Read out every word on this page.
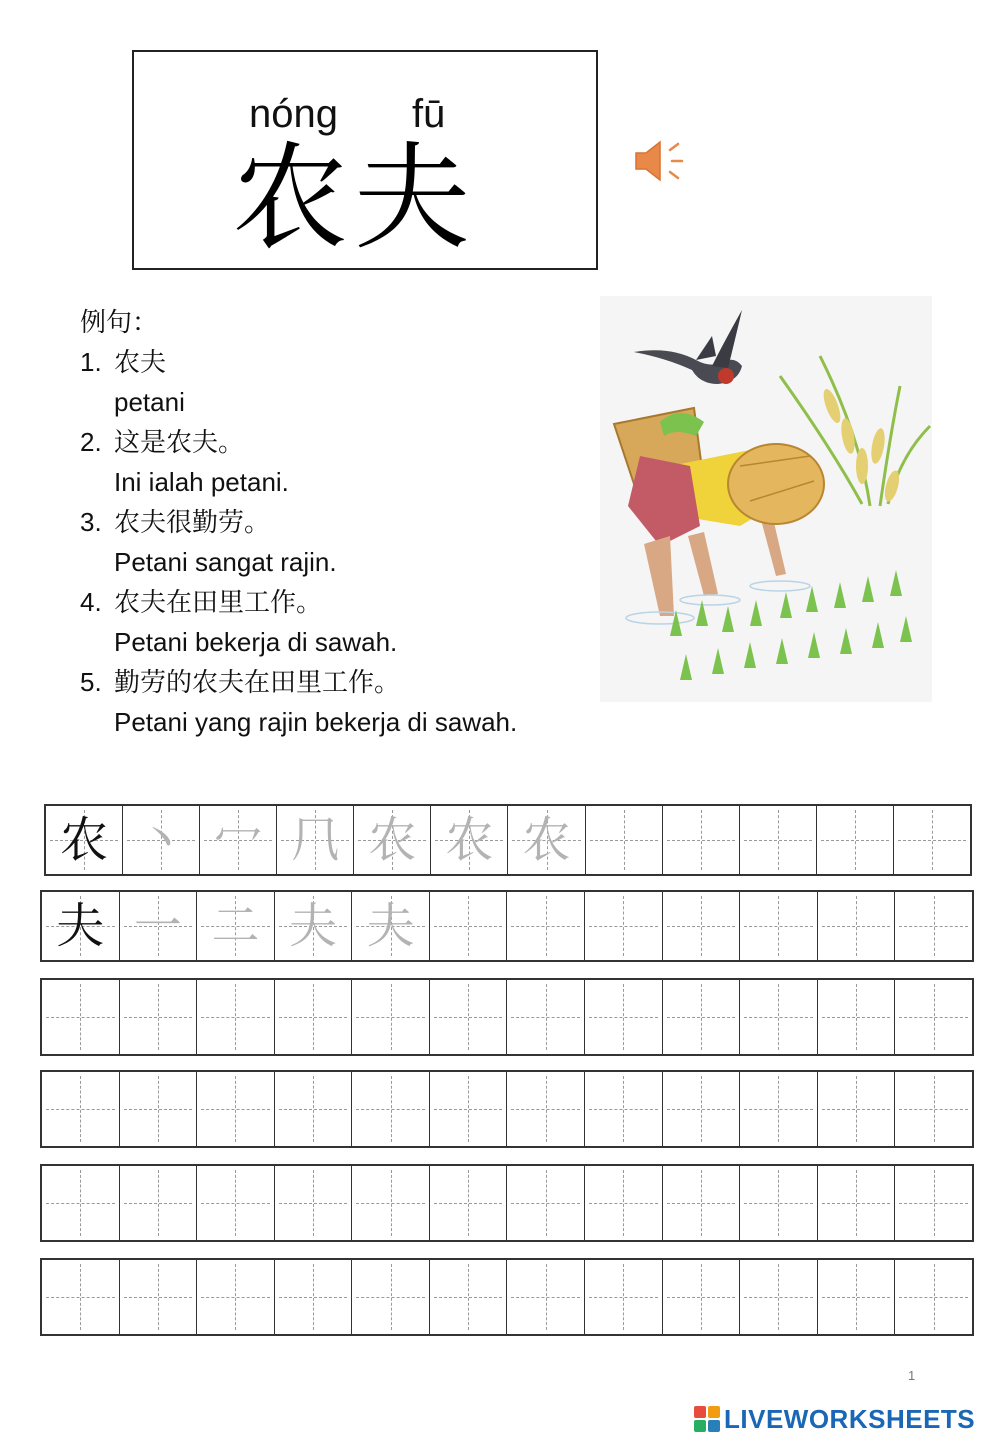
nóng fū
农夫
例句：
1. 农夫
petani
2. 这是农夫。
Ini ialah petani.
3. 农夫很勤劳。
Petani sangat rajin.
4. 农夫在田里工作。
Petani bekerja di sawah.
5. 勤劳的农夫在田里工作。
Petani yang rajin bekerja di sawah.
农 丶 冖 𠘨 农 农 农
夫 一 二 夫 夫
1
LIVEWORKSHEETS
